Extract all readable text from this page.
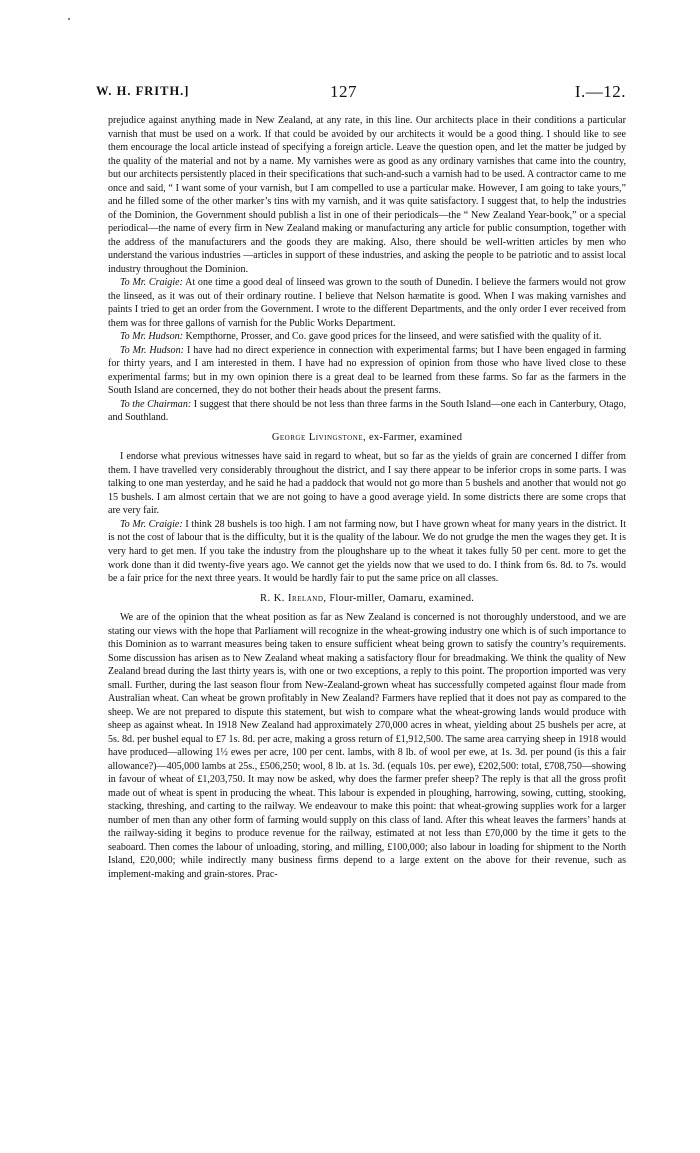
W. H. FRITH.]	127	I.—12.

prejudice against anything made in New Zealand, at any rate, in this line. Our architects place in their conditions a particular varnish that must be used on a work. If that could be avoided by our architects it would be a good thing. I should like to see them encourage the local article instead of specifying a foreign article. Leave the question open, and let the matter be judged by the quality of the material and not by a name. My varnishes were as good as any ordinary varnishes that came into the country, but our architects persistently placed in their specifications that such-and-such a varnish had to be used. A contractor came to me once and said, “ I want some of your varnish, but I am compelled to use a particular make. However, I am going to take yours,” and he filled some of the other marker’s tins with my varnish, and it was quite satisfactory. I suggest that, to help the industries of the Dominion, the Government should publish a list in one of their periodicals—the “ New Zealand Year-book,” or a special periodical—the name of every firm in New Zealand making or manufacturing any article for public consumption, together with the address of the manufacturers and the goods they are making. Also, there should be well-written articles by men who understand the various industries —articles in support of these industries, and asking the people to be patriotic and to assist local industry throughout the Dominion.

To Mr. Craigie: At one time a good deal of linseed was grown to the south of Dunedin. I believe the farmers would not grow the linseed, as it was out of their ordinary routine. I believe that Nelson hæmatite is good. When I was making varnishes and paints I tried to get an order from the Government. I wrote to the different Departments, and the only order I ever received from them was for three gallons of varnish for the Public Works Department.

To Mr. Hudson: Kempthorne, Prosser, and Co. gave good prices for the linseed, and were satisfied with the quality of it.

To Mr. Hudson: I have had no direct experience in connection with experimental farms; but I have been engaged in farming for thirty years, and I am interested in them. I have had no expression of opinion from those who have lived close to these experimental farms; but in my own opinion there is a great deal to be learned from these farms. So far as the farmers in the South Island are concerned, they do not bother their heads about the present farms.

To the Chairman: I suggest that there should be not less than three farms in the South Island—one each in Canterbury, Otago, and Southland.

George Livingstone, ex-Farmer, examined

I endorse what previous witnesses have said in regard to wheat, but so far as the yields of grain are concerned I differ from them. I have travelled very considerably throughout the district, and I say there appear to be inferior crops in some parts. I was talking to one man yesterday, and he said he had a paddock that would not go more than 5 bushels and another that would not go 15 bushels. I am almost certain that we are not going to have a good average yield. In some districts there are some crops that are very fair.

To Mr. Craigie: I think 28 bushels is too high. I am not farming now, but I have grown wheat for many years in the district. It is not the cost of labour that is the difficulty, but it is the quality of the labour. We do not grudge the men the wages they get. It is very hard to get men. If you take the industry from the ploughshare up to the wheat it takes fully 50 per cent. more to get the work done than it did twenty-five years ago. We cannot get the yields now that we used to do. I think from 6s. 8d. to 7s. would be a fair price for the next three years. It would be hardly fair to put the same price on all classes.

R. K. Ireland, Flour-miller, Oamaru, examined.

We are of the opinion that the wheat position as far as New Zealand is concerned is not thoroughly understood, and we are stating our views with the hope that Parliament will recognize in the wheat-growing industry one which is of such importance to this Dominion as to warrant measures being taken to ensure sufficient wheat being grown to satisfy the country’s requirements. Some discussion has arisen as to New Zealand wheat making a satisfactory flour for breadmaking. We think the quality of New Zealand bread during the last thirty years is, with one or two exceptions, a reply to this point. The proportion imported was very small. Further, during the last season flour from New-Zealand-grown wheat has successfully competed against flour made from Australian wheat. Can wheat be grown profitably in New Zealand? Farmers have replied that it does not pay as compared to the sheep. We are not prepared to dispute this statement, but wish to compare what the wheat-growing lands would produce with sheep as against wheat. In 1918 New Zealand had approximately 270,000 acres in wheat, yielding about 25 bushels per acre, at 5s. 8d. per bushel equal to £7 1s. 8d. per acre, making a gross return of £1,912,500. The same area carrying sheep in 1918 would have produced—allowing 1½ ewes per acre, 100 per cent. lambs, with 8 lb. of wool per ewe, at 1s. 3d. per pound (is this a fair allowance?)—405,000 lambs at 25s., £506,250; wool, 8 lb. at 1s. 3d. (equals 10s. per ewe), £202,500: total, £708,750—showing in favour of wheat of £1,203,750. It may now be asked, why does the farmer prefer sheep? The reply is that all the gross profit made out of wheat is spent in producing the wheat. This labour is expended in ploughing, harrowing, sowing, cutting, stooking, stacking, threshing, and carting to the railway. We endeavour to make this point: that wheat-growing supplies work for a larger number of men than any other form of farming would supply on this class of land. After this wheat leaves the farmers’ hands at the railway-siding it begins to produce revenue for the railway, estimated at not less than £70,000 by the time it gets to the seaboard. Then comes the labour of unloading, storing, and milling, £100,000; also labour in loading for shipment to the North Island, £20,000; while indirectly many business firms depend to a large extent on the above for their revenue, such as implement-making and grain-stores. Prac-
